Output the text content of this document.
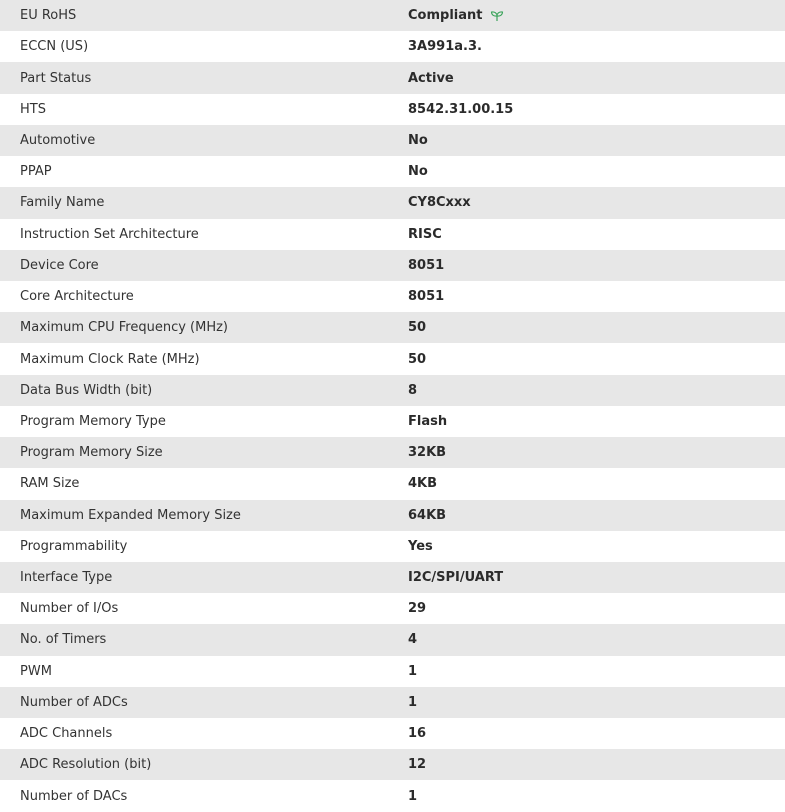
EU RoHS	Compliant
ECCN (US)	3A991a.3.
Part Status	Active
HTS	8542.31.00.15
Automotive	No
PPAP	No
Family Name	CY8Cxxx
Instruction Set Architecture	RISC
Device Core	8051
Core Architecture	8051
Maximum CPU Frequency (MHz)	50
Maximum Clock Rate (MHz)	50
Data Bus Width (bit)	8
Program Memory Type	Flash
Program Memory Size	32KB
RAM Size	4KB
Maximum Expanded Memory Size	64KB
Programmability	Yes
Interface Type	I2C/SPI/UART
Number of I/Os	29
No. of Timers	4
PWM	1
Number of ADCs	1
ADC Channels	16
ADC Resolution (bit)	12
Number of DACs	1
